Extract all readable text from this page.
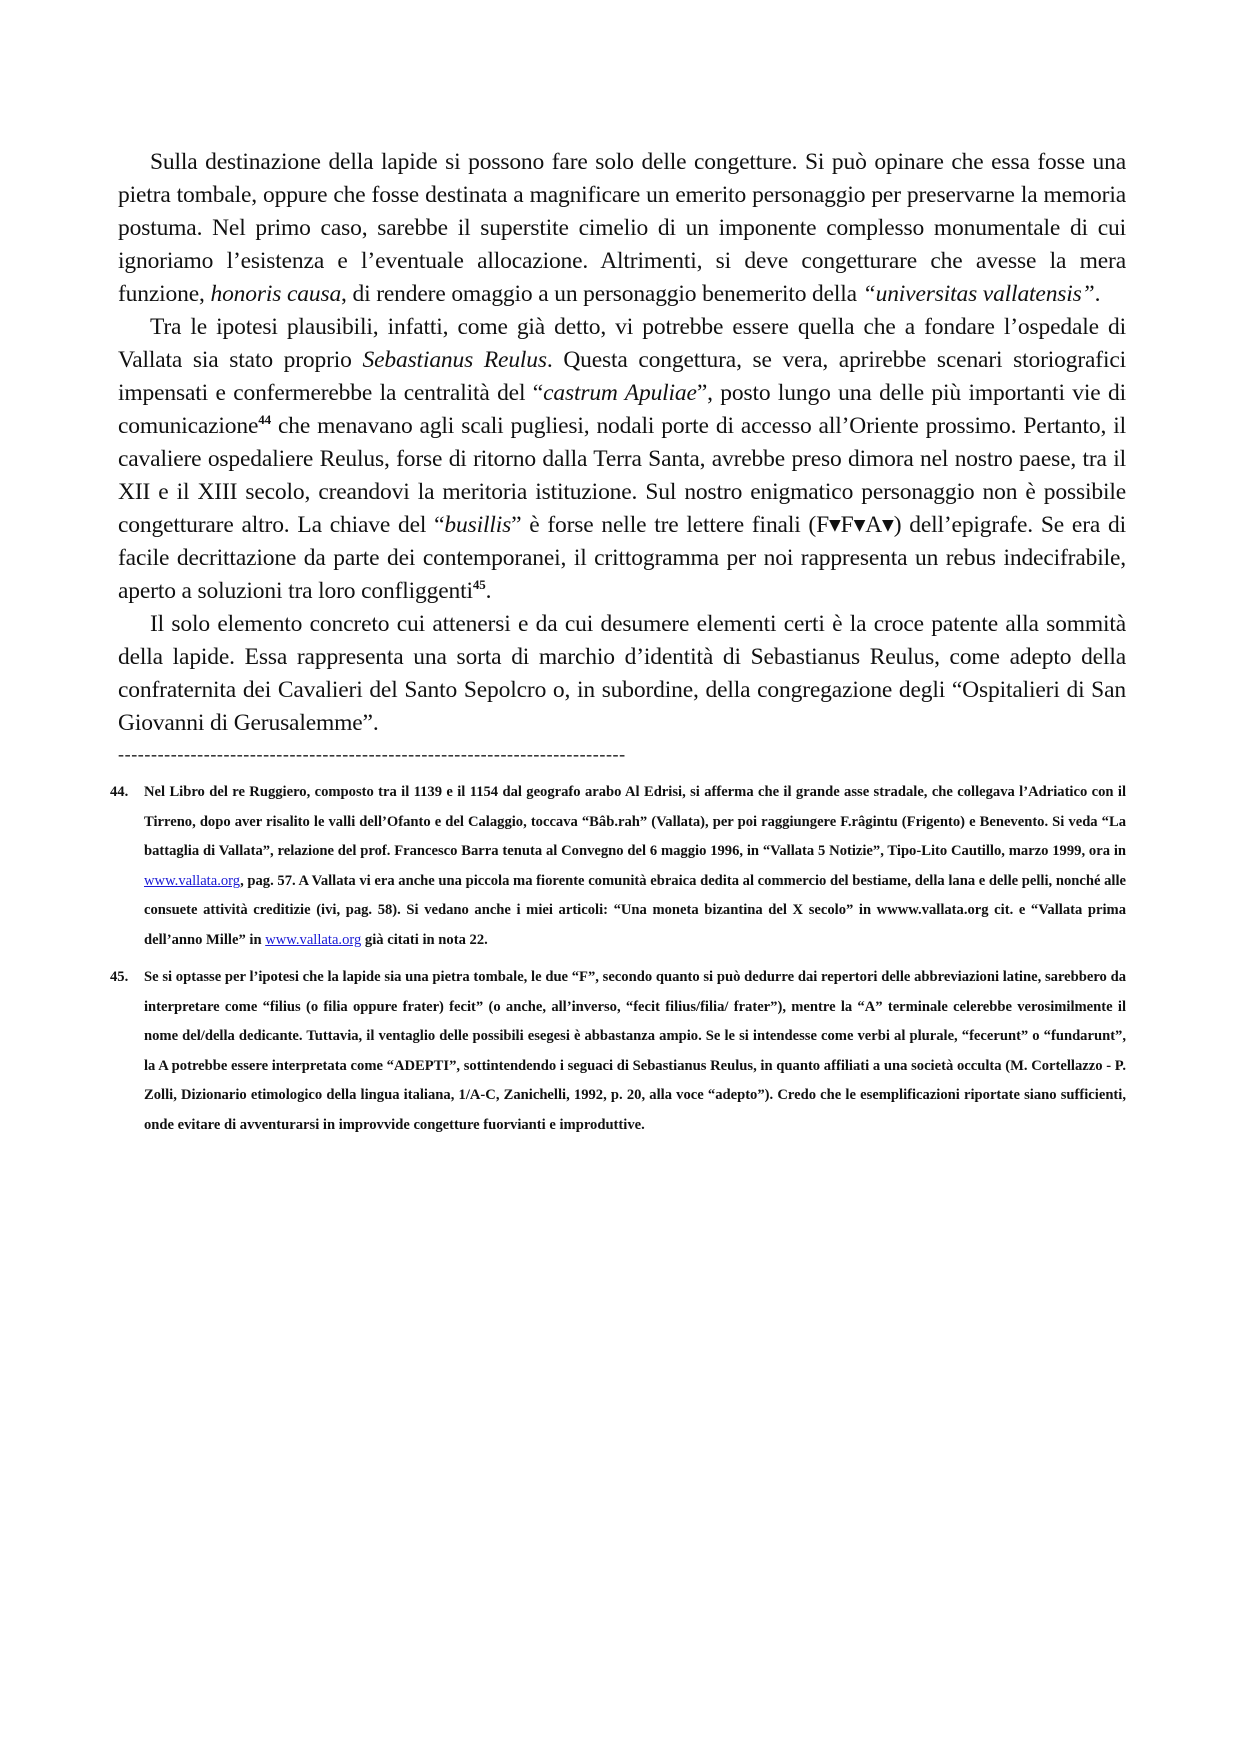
Sulla destinazione della lapide si possono fare solo delle congetture. Si può opinare che essa fosse una pietra tombale, oppure che fosse destinata a magnificare un emerito personaggio per preservarne la memoria postuma. Nel primo caso, sarebbe il superstite cimelio di un imponente complesso monumentale di cui ignoriamo l’esistenza e l’eventuale allocazione. Altrimenti, si deve congetturare che avesse la mera funzione, honoris causa, di rendere omaggio a un personaggio benemerito della “universitas vallatensis”.

Tra le ipotesi plausibili, infatti, come già detto, vi potrebbe essere quella che a fondare l’ospedale di Vallata sia stato proprio Sebastianus Reulus. Questa congettura, se vera, aprirebbe scenari storiografici impensati e confermerebbe la centralità del “castrum Apuliae”, posto lungo una delle più importanti vie di comunicazione$^{44}$ che menavano agli scali pugliesi, nodali porte di accesso all’Oriente prossimo. Pertanto, il cavaliere ospedaliere Reulus, forse di ritorno dalla Terra Santa, avrebbe preso dimora nel nostro paese, tra il XII e il XIII secolo, creandovi la meritoria istituzione. Sul nostro enigmatico personaggio non è possibile congetturare altro. La chiave del “busillis” è forse nelle tre lettere finali (F▾F▾A▾) dell’epigrafe. Se era di facile decrittazione da parte dei contemporanei, il crittogramma per noi rappresenta un rebus indecifrabile, aperto a soluzioni tra loro confliggenti$^{45}$.

Il solo elemento concreto cui attenersi e da cui desumere elementi certi è la croce patente alla sommità della lapide. Essa rappresenta una sorta di marchio d’identità di Sebastianus Reulus, come adepto della confraternita dei Cavalieri del Santo Sepolcro o, in subordine, della congregazione degli “Ospitalieri di San Giovanni di Gerusalemme”.

-----------------------------------------------------------------------------
44.	Nel Libro del re Ruggiero, composto tra il 1139 e il 1154 dal geografo arabo Al Edrisi, si afferma che il grande asse stradale, che collegava l’Adriatico con il Tirreno, dopo aver risalito le valli dell’Ofanto e del Calaggio, toccava “Bâb.rah” (Vallata), per poi raggiungere F.râgintu (Frigento) e Benevento. Si veda “La battaglia di Vallata”, relazione del prof. Francesco Barra tenuta al Convegno del 6 maggio 1996, in “Vallata 5 Notizie”, Tipo-Lito Cautillo, marzo 1999, ora in www.vallata.org, pag. 57. A Vallata vi era anche una piccola ma fiorente comunità ebraica dedita al commercio del bestiame, della lana e delle pelli, nonché alle consuete attività creditizie (ivi, pag. 58). Si vedano anche i miei articoli: “Una moneta bizantina del X secolo” in wwww.vallata.org cit. e “Vallata prima dell’anno Mille” in www.vallata.org già citati in nota 22.
45.	Se si optasse per l’ipotesi che la lapide sia una pietra tombale, le due “F”, secondo quanto si può dedurre dai repertori delle abbreviazioni latine, sarebbero da interpretare come “filius (o filia oppure frater) fecit” (o anche, all’inverso, “fecit filius/filia/ frater”), mentre la “A” terminale celerebbe verosimilmente il nome del/della dedicante. Tuttavia, il ventaglio delle possibili esegesi è abbastanza ampio. Se le si intendesse come verbi al plurale, “fecerunt” o “fundarunt”, la A potrebbe essere interpretata come “ADEPTI”, sottintendendo i seguaci di Sebastianus Reulus, in quanto affiliati a una società occulta (M. Cortellazzo - P. Zolli, Dizionario etimologico della lingua italiana, 1/A-C, Zanichelli, 1992, p. 20, alla voce “adepto”). Credo che le esemplificazioni riportate siano sufficienti, onde evitare di avventurarsi in improvvide congetture fuorvianti e improduttive.
